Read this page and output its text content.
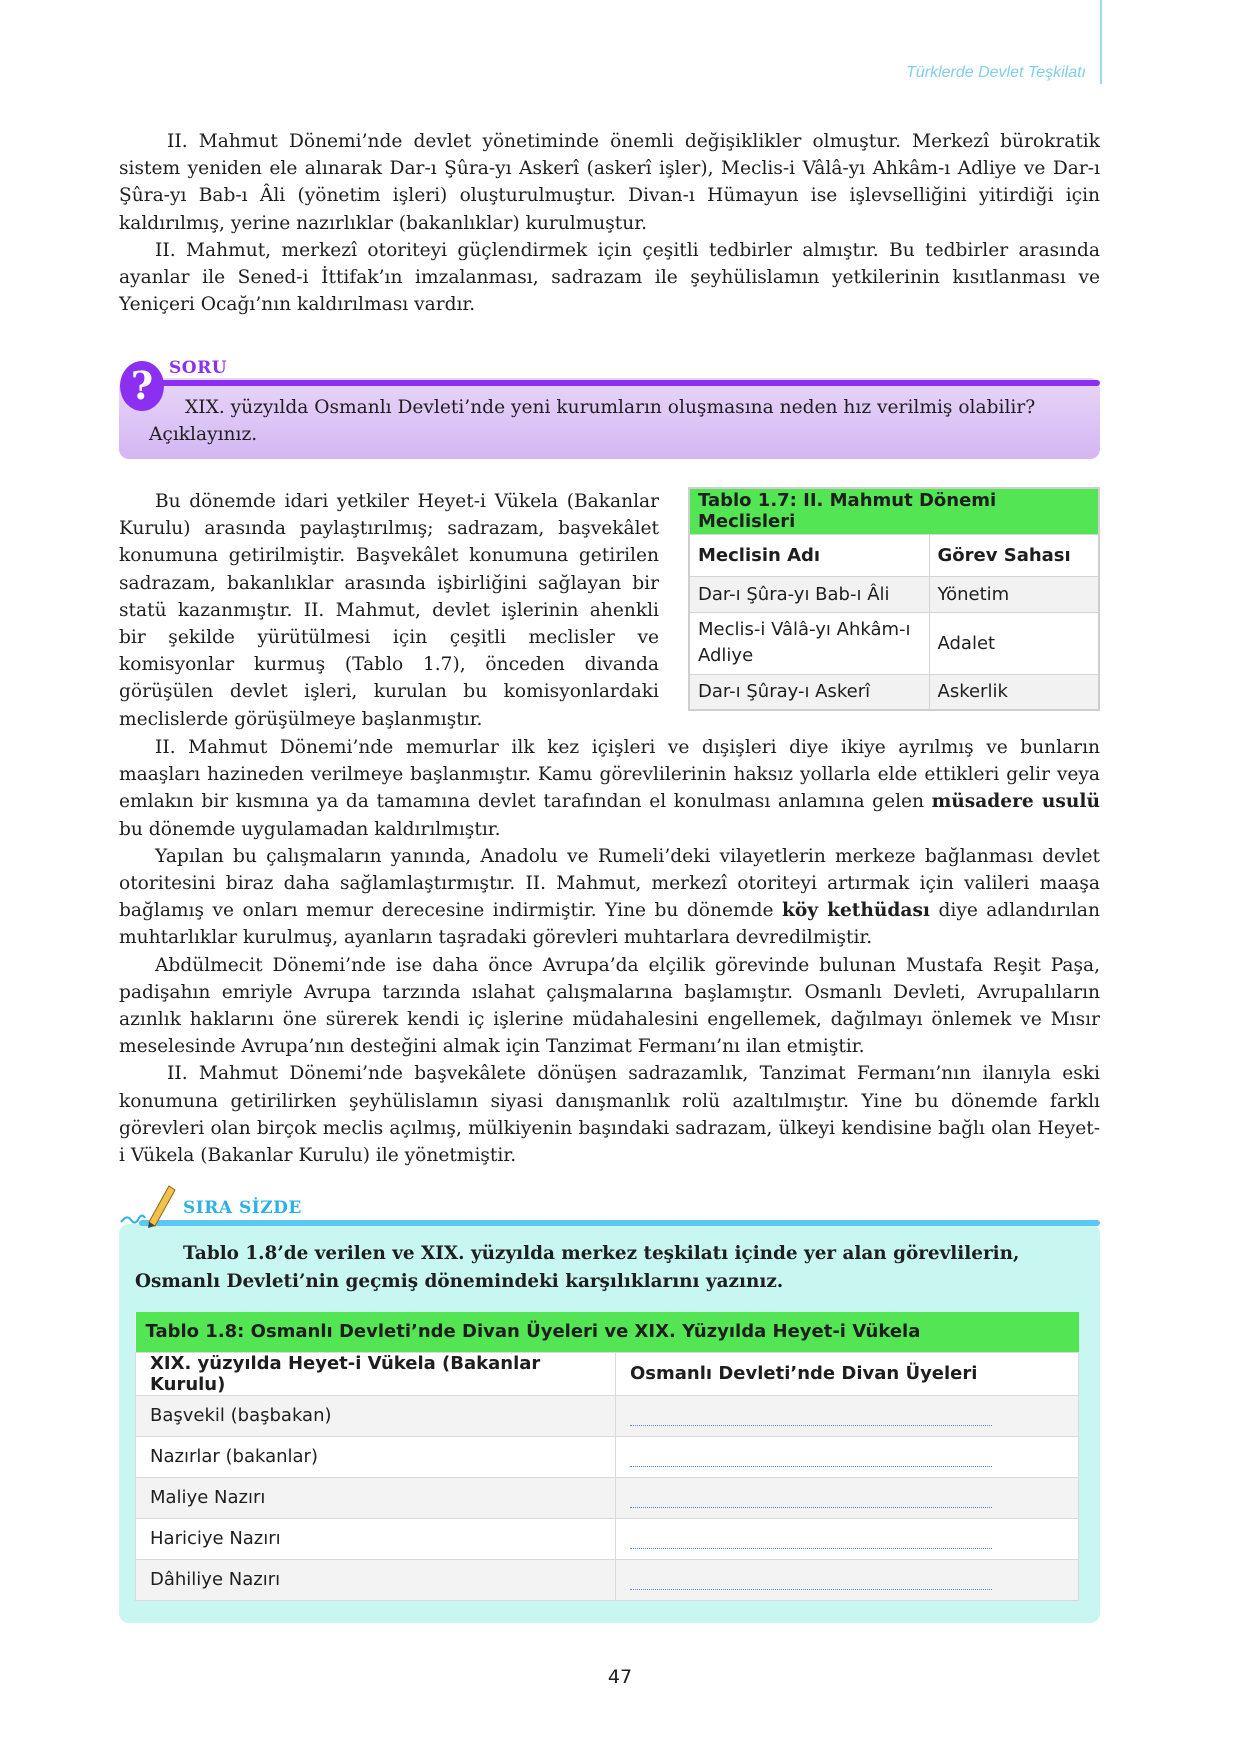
Türklerde Devlet Teşkilatı

II. Mahmut Dönemi’nde devlet yönetiminde önemli değişiklikler olmuştur. Merkezî bürokratik sistem yeniden ele alınarak Dar-ı Şûra-yı Askerî (askerî işler), Meclis-i Vâlâ-yı Ahkâm-ı Adliye ve Dar-ı Şûra-yı Bab-ı Âli (yönetim işleri) oluşturulmuştur. Divan-ı Hümayun ise işlevselliğini yitirdiği için kaldırılmış, yerine nazırlıklar (bakanlıklar) kurulmuştur.

II. Mahmut, merkezî otoriteyi güçlendirmek için çeşitli tedbirler almıştır. Bu tedbirler arasında ayanlar ile Sened-i İttifak’ın imzalanması, sadrazam ile şeyhülislamın yetkilerinin kısıtlanması ve Yeniçeri Ocağı’nın kaldırılması vardır.

? SORU
XIX. yüzyılda Osmanlı Devleti’nde yeni kurumların oluşmasına neden hız verilmiş olabilir? Açıklayınız.

Bu dönemde idari yetkiler Heyet-i Vükela (Bakanlar Kurulu) arasında paylaştırılmış; sadrazam, başvekâlet konumuna getirilmiştir. Başvekâlet konumuna getirilen sadrazam, bakanlıklar arasında işbirliğini sağlayan bir statü kazanmıştır. II. Mahmut, devlet işlerinin ahenkli bir şekilde yürütülmesi için çeşitli meclisler ve komisyonlar kurmuş (Tablo 1.7), önceden divanda görüşülen devlet işleri, kurulan bu komisyonlardaki meclislerde görüşülmeye başlanmıştır.

Tablo 1.7: II. Mahmut Dönemi Meclisleri	
Meclisin Adı	Görev Sahası
Dar-ı Şûra-yı Bab-ı Âli	Yönetim
Meclis-i Vâlâ-yı Ahkâm-ı Adliye	Adalet
Dar-ı Şûray-ı Askerî	Askerlik

II. Mahmut Dönemi’nde memurlar ilk kez içişleri ve dışişleri diye ikiye ayrılmış ve bunların maaşları hazineden verilmeye başlanmıştır. Kamu görevlilerinin haksız yollarla elde ettikleri gelir veya emlakın bir kısmına ya da tamamına devlet tarafından el konulması anlamına gelen müsadere usulü bu dönemde uygulamadan kaldırılmıştır.

Yapılan bu çalışmaların yanında, Anadolu ve Rumeli’deki vilayetlerin merkeze bağlanması devlet otoritesini biraz daha sağlamlaştırmıştır. II. Mahmut, merkezî otoriteyi artırmak için valileri maaşa bağlamış ve onları memur derecesine indirmiştir. Yine bu dönemde köy kethüdası diye adlandırılan muhtarlıklar kurulmuş, ayanların taşradaki görevleri muhtarlara devredilmiştir.

Abdülmecit Dönemi’nde ise daha önce Avrupa’da elçilik görevinde bulunan Mustafa Reşit Paşa, padişahın emriyle Avrupa tarzında ıslahat çalışmalarına başlamıştır. Osmanlı Devleti, Avrupalıların azınlık haklarını öne sürerek kendi iç işlerine müdahalesini engellemek, dağılmayı önlemek ve Mısır meselesinde Avrupa’nın desteğini almak için Tanzimat Fermanı’nı ilan etmiştir.

II. Mahmut Dönemi’nde başvekâlete dönüşen sadrazamlık, Tanzimat Fermanı’nın ilanıyla eski konumuna getirilirken şeyhülislamın siyasi danışmanlık rolü azaltılmıştır. Yine bu dönemde farklı görevleri olan birçok meclis açılmış, mülkiyenin başındaki sadrazam, ülkeyi kendisine bağlı olan Heyet-i Vükela (Bakanlar Kurulu) ile yönetmiştir.

SIRA SİZDE
Tablo 1.8’de verilen ve XIX. yüzyılda merkez teşkilatı içinde yer alan görevlilerin, Osmanlı Devleti’nin geçmiş dönemindeki karşılıklarını yazınız.
Tablo 1.8: Osmanlı Devleti’nde Divan Üyeleri ve XIX. Yüzyılda Heyet-i Vükela	
XIX. yüzyılda Heyet-i Vükela (Bakanlar Kurulu)	Osmanlı Devleti’nde Divan Üyeleri
Başvekil (başbakan)	
Nazırlar (bakanlar)	
Maliye Nazırı	
Hariciye Nazırı	
Dâhiliye Nazırı	
47
